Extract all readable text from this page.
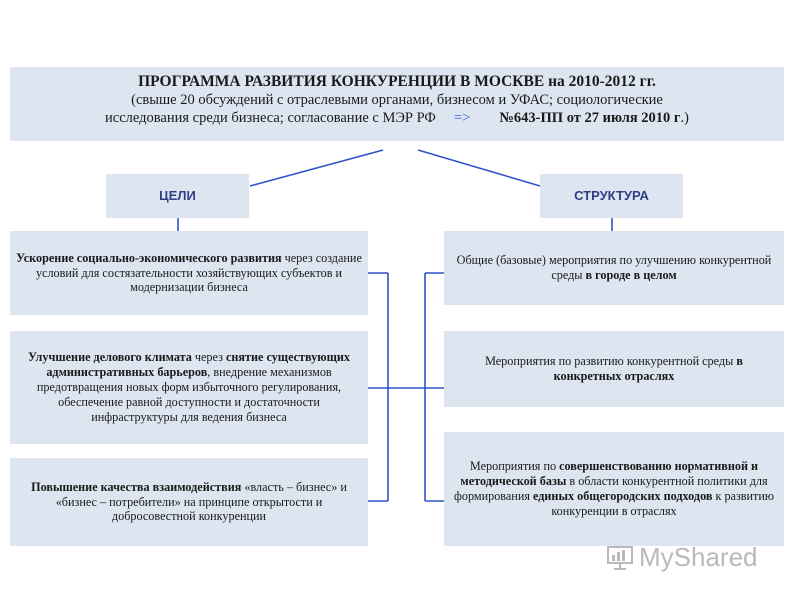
ПРОГРАММА РАЗВИТИЯ КОНКУРЕНЦИИ В МОСКВЕ на 2010-2012 гг.
(свыше 20 обсуждений с отраслевыми органами, бизнесом и УФАС; социологические
исследования среди бизнеса; согласование с МЭР РФ => №643-ПП от 27 июля 2010 г.)
ЦЕЛИ	СТРУКТУРА
Ускорение социально-экономического развития через создание условий для состязательности хозяйствующих субъектов и модернизации бизнеса
Улучшение делового климата через снятие существующих административных барьеров, внедрение механизмов предотвращения новых форм избыточного регулирования, обеспечение равной доступности и достаточности инфраструктуры для ведения бизнеса
Повышение качества взаимодействия «власть – бизнес» и «бизнес – потребители» на принципе открытости и добросовестной конкуренции
Общие (базовые) мероприятия по улучшению конкурентной среды в городе в целом
Мероприятия по развитию конкурентной среды в конкретных отраслях
Мероприятия по совершенствованию нормативной и методической базы в области конкурентной политики для формирования единых общегородских подходов к развитию конкуренции в отраслях
MyShared
